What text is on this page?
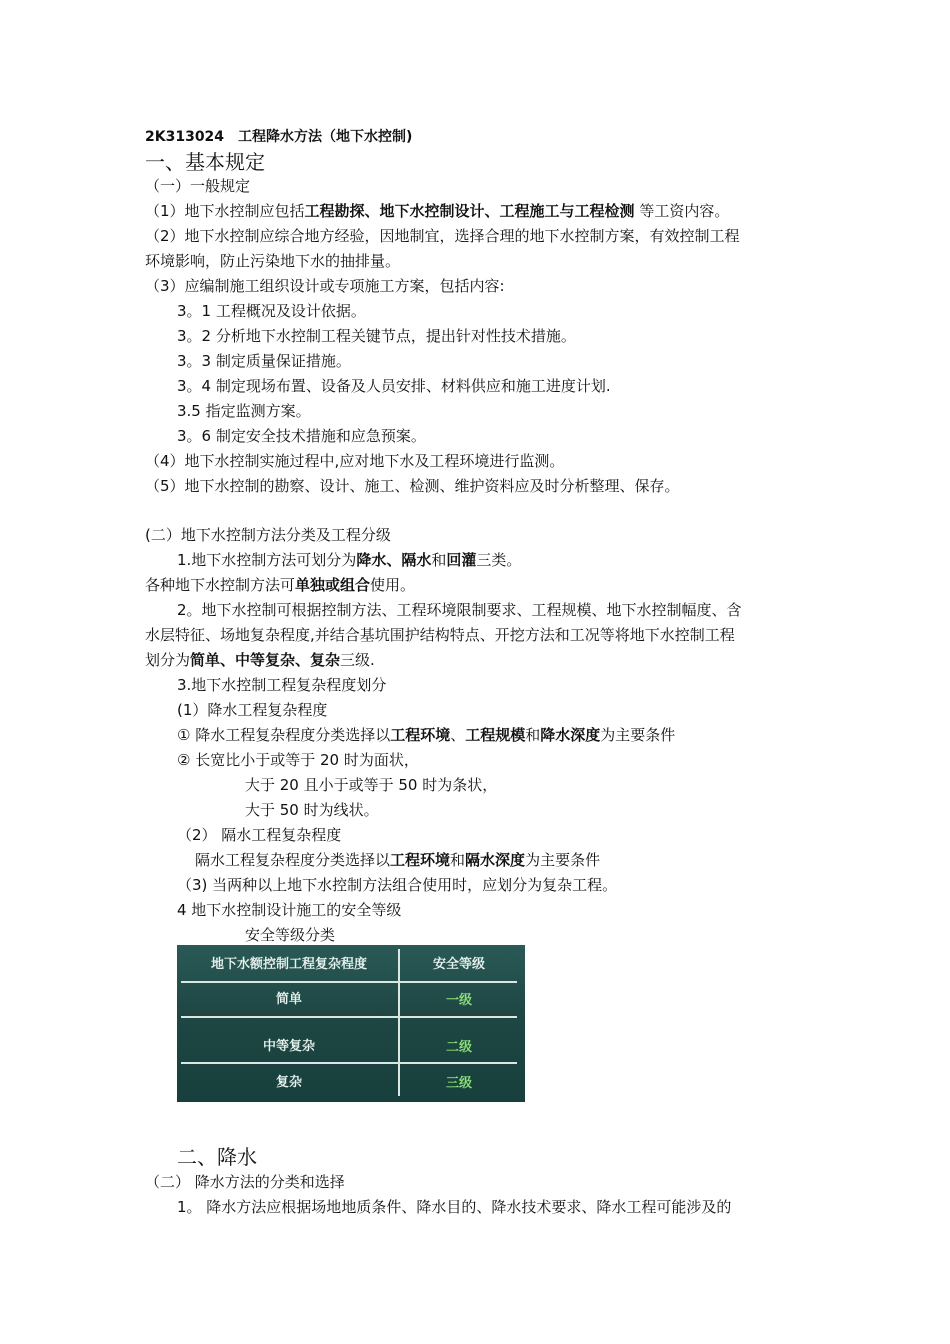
2K313024　工程降水方法（地下水控制)
一、基本规定
（一）一般规定
（1）地下水控制应包括工程勘探、地下水控制设计、工程施工与工程检测 等工资内容。
（2）地下水控制应综合地方经验，因地制宜，选择合理的地下水控制方案，有效控制工程
环境影响，防止污染地下水的抽排量。
（3）应编制施工组织设计或专项施工方案，包括内容:
3。1 工程概况及设计依据。
3。2 分析地下水控制工程关键节点，提出针对性技术措施。
3。3 制定质量保证措施。
3。4 制定现场布置、设备及人员安排、材料供应和施工进度计划.
3.5 指定监测方案。
3。6 制定安全技术措施和应急预案。
（4）地下水控制实施过程中,应对地下水及工程环境进行监测。
（5）地下水控制的勘察、设计、施工、检测、维护资料应及时分析整理、保存。
(二）地下水控制方法分类及工程分级
1.地下水控制方法可划分为降水、隔水和回灌三类。
各种地下水控制方法可单独或组合使用。
2。地下水控制可根据控制方法、工程环境限制要求、工程规模、地下水控制幅度、含
水层特征、场地复杂程度,并结合基坑围护结构特点、开挖方法和工况等将地下水控制工程
划分为简单、中等复杂、复杂三级.
3.地下水控制工程复杂程度划分
(1）降水工程复杂程度
① 降水工程复杂程度分类选择以工程环境、工程规模和降水深度为主要条件
② 长宽比小于或等于 20 时为面状，
大于 20 且小于或等于 50 时为条状，
大于 50 时为线状。
（2） 隔水工程复杂程度
隔水工程复杂程度分类选择以工程环境和隔水深度为主要条件
（3) 当两种以上地下水控制方法组合使用时，应划分为复杂工程。
4 地下水控制设计施工的安全等级
安全等级分类
地下水额控制工程复杂程度	安全等级
简单	一级
中等复杂	二级
复杂	三级
二、降水
（二） 降水方法的分类和选择
1。 降水方法应根据场地地质条件、降水目的、降水技术要求、降水工程可能涉及的
